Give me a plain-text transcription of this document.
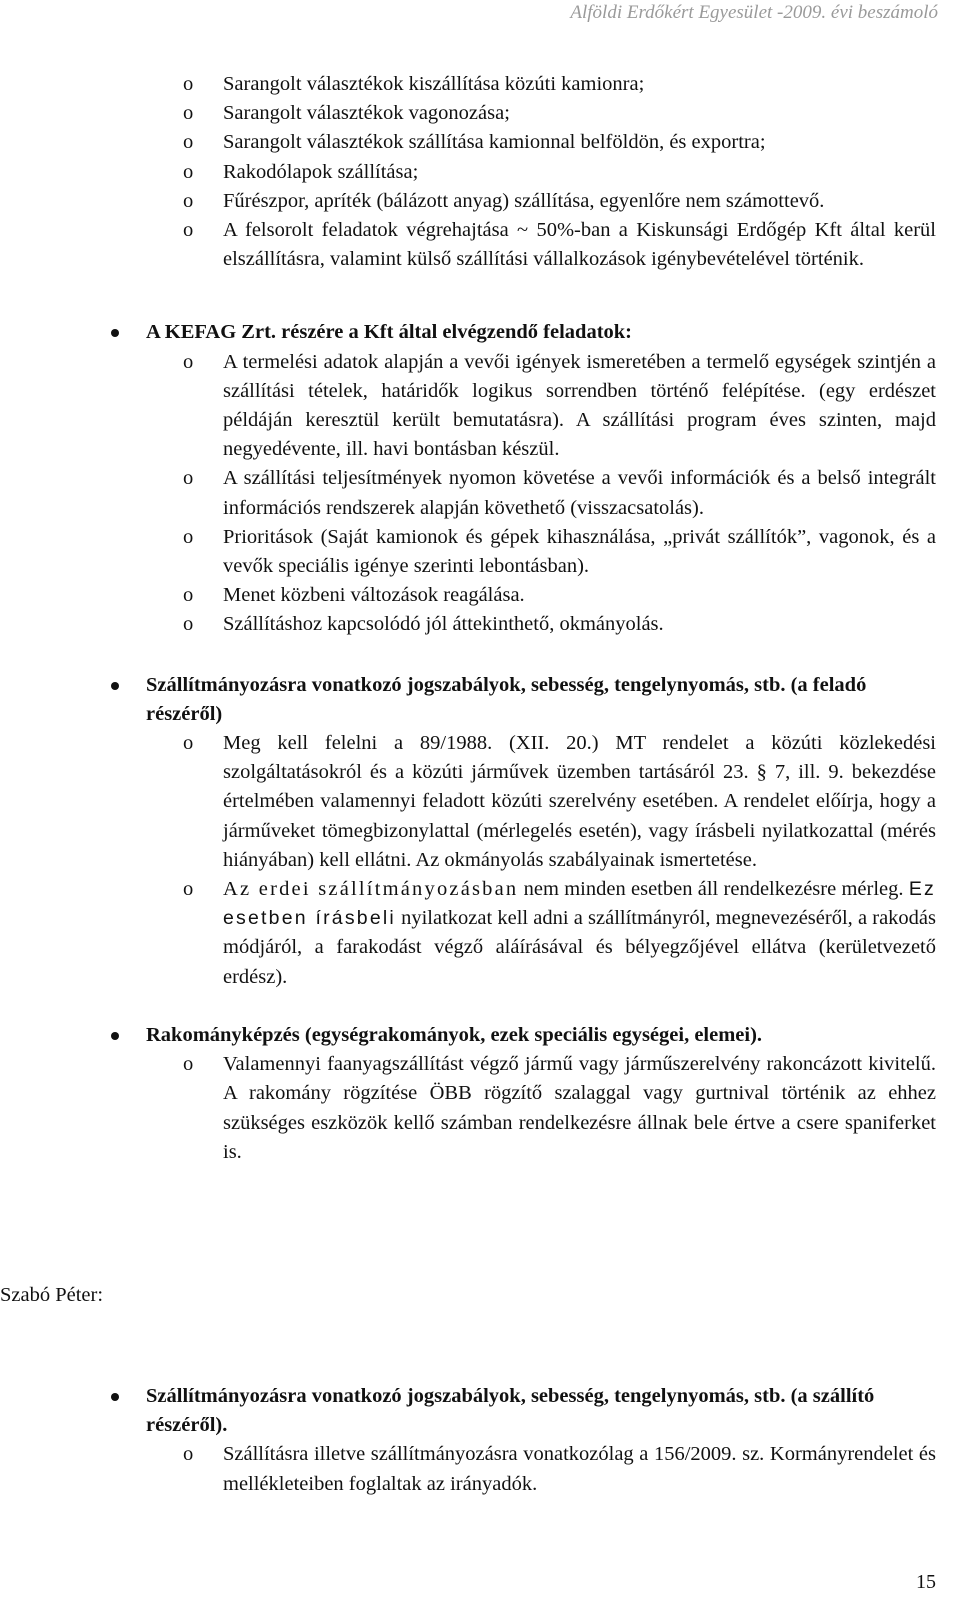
Alföldi Erdőkért Egyesület -2009. évi beszámoló
o Sarangolt választékok kiszállítása közúti kamionra;

o Sarangolt választékok vagonozása;

o Sarangolt választékok szállítása kamionnal belföldön, és exportra;

o Rakodólapok szállítása;

o Fűrészpor, apríték (bálázott anyag) szállítása, egyenlőre nem számottevő.

o A felsorolt feladatok végrehajtása ~ 50%-ban a Kiskunsági Erdőgép Kft által kerül elszállításra, valamint külső szállítási vállalkozások igénybevételével történik.

A KEFAG Zrt. részére a Kft által elvégzendő feladatok:

o A termelési adatok alapján a vevői igények ismeretében a termelő egységek szintjén a szállítási tételek, határidők logikus sorrendben történő felépítése. (egy erdészet példáján keresztül került bemutatásra). A szállítási program éves szinten, majd negyedévente, ill. havi bontásban készül.

o A szállítási teljesítmények nyomon követése a vevői információk és a belső integrált információs rendszerek alapján követhető (visszacsatolás).

o Prioritások (Saját kamionok és gépek kihasználása, „privát szállítók”, vagonok, és a vevők speciális igénye szerinti lebontásban).

o Menet közbeni változások reagálása.

o Szállításhoz kapcsolódó jól áttekinthető, okmányolás.

Szállítmányozásra vonatkozó jogszabályok, sebesség, tengelynyomás, stb. (a feladó részéről)

o Meg kell felelni a 89/1988. (XII. 20.) MT rendelet a közúti közlekedési szolgáltatásokról és a közúti járművek üzemben tartásáról 23. § 7, ill. 9. bekezdése értelmében valamennyi feladott közúti szerelvény esetében. A rendelet előírja, hogy a járműveket tömegbizonylattal (mérlegelés esetén), vagy írásbeli nyilatkozattal (mérés hiányában) kell ellátni. Az okmányolás szabályainak ismertetése.

o Az erdei szállítmányozásban nem minden esetben áll rendelkezésre mérleg. Ez esetben írásbeli nyilatkozat kell adni a szállítmányról, megnevezéséről, a rakodás módjáról, a farakodást végző aláírásával és bélyegzőjével ellátva (kerületvezető erdész).

Rakományképzés (egységrakományok, ezek speciális egységei, elemei).

o Valamennyi faanyagszállítást végző jármű vagy járműszerelvény rakoncázott kivitelű. A rakomány rögzítése ÖBB rögzítő szalaggal vagy gurtnival történik az ehhez szükséges eszközök kellő számban rendelkezésre állnak bele értve a csere spaniferket is.

Szabó Péter:

Szállítmányozásra vonatkozó jogszabályok, sebesség, tengelynyomás, stb. (a szállító részéről).

o Szállításra illetve szállítmányozásra vonatkozólag a 156/2009. sz. Kormányrendelet és mellékleteiben foglaltak az irányadók.

15
